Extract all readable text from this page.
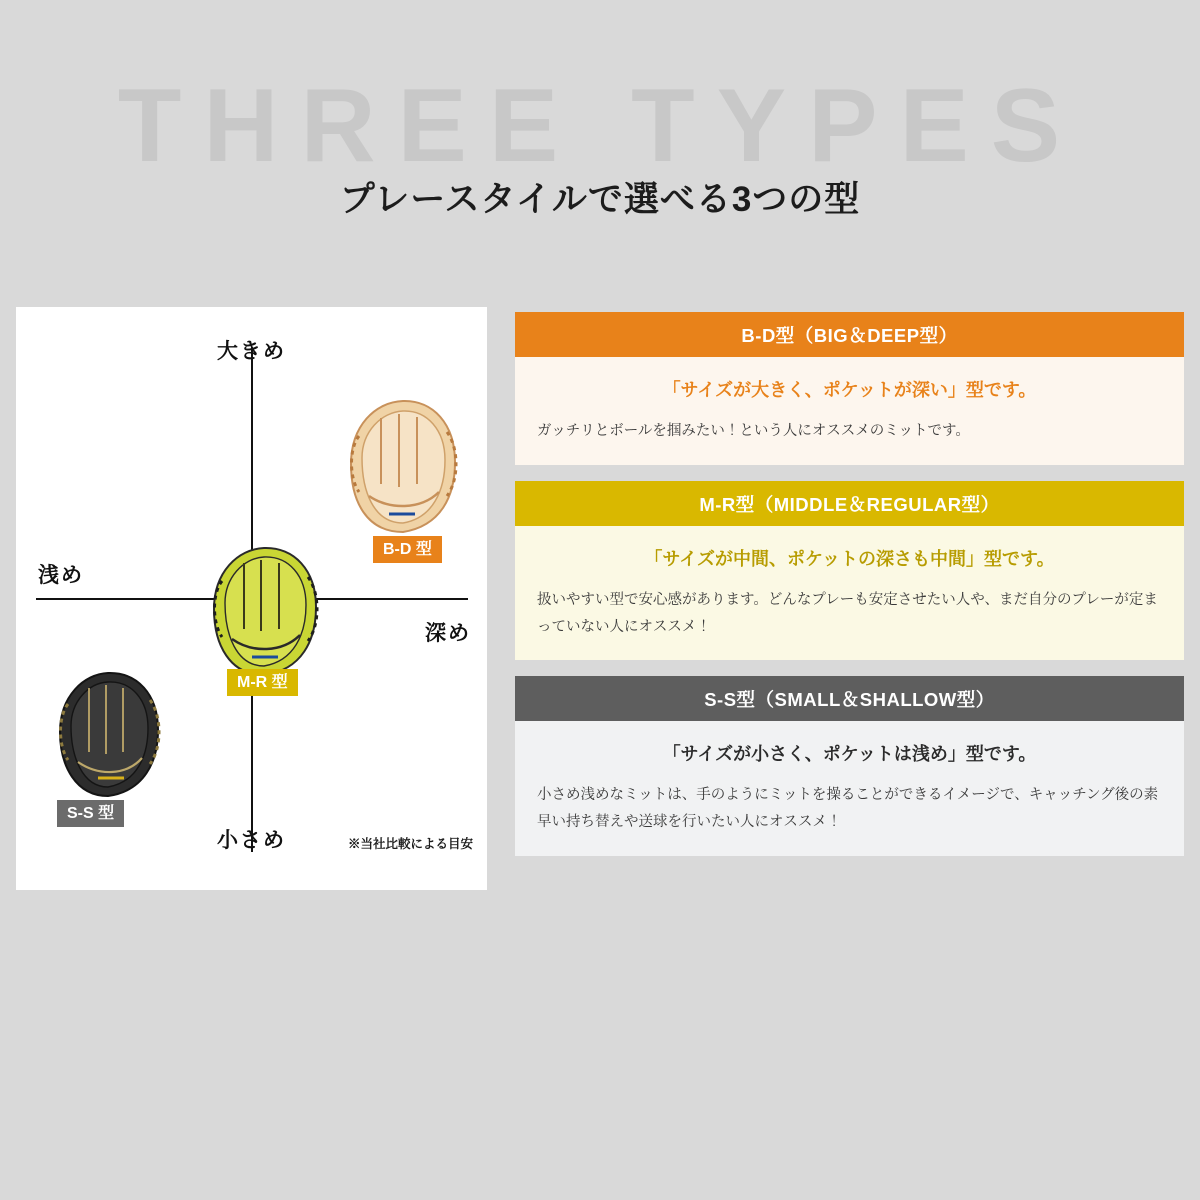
THREE TYPES
プレースタイルで選べる3つの型
大きめ
小さめ
浅め
深め
※当社比較による目安
B-D 型
M-R 型
S-S 型
B-D型（BIG＆DEEP型）

「サイズが大きく、ポケットが深い」型です。

ガッチリとボールを掴みたい！という人にオススメのミットです。

M-R型（MIDDLE＆REGULAR型）

「サイズが中間、ポケットの深さも中間」型です。

扱いやすい型で安心感があります。どんなプレーも安定させたい人や、まだ自分のプレーが定まっていない人にオススメ！

S-S型（SMALL＆SHALLOW型）

「サイズが小さく、ポケットは浅め」型です。

小さめ浅めなミットは、手のようにミットを操ることができるイメージで、キャッチング後の素早い持ち替えや送球を行いたい人にオススメ！
